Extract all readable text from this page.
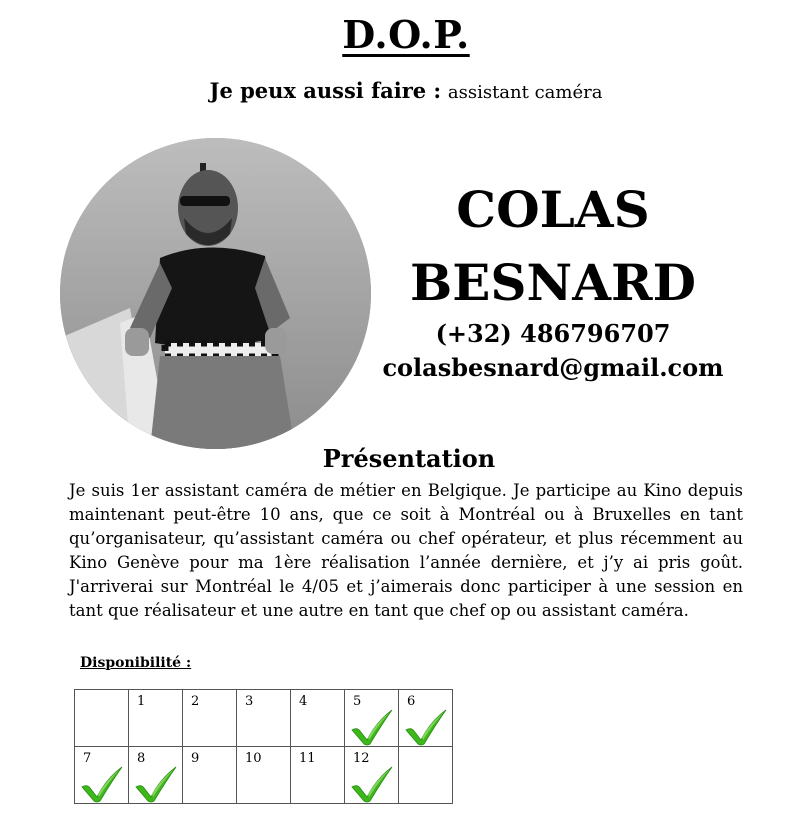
D.O.P.
Je peux aussi faire : assistant caméra
COLAS
BESNARD
(+32) 486796707
colasbesnard@gmail.com
Présentation
Je suis 1er assistant caméra de métier en Belgique. Je participe au Kino depuis maintenant peut-être 10 ans, que ce soit à Montréal ou à Bruxelles en tant qu’organisateur, qu’assistant caméra ou chef opérateur, et plus récemment au Kino Genève pour ma 1ère réalisation l’année dernière, et j’y ai pris goût. J'arriverai sur Montréal le 4/05 et j’aimerais donc participer à une session en tant que réalisateur et une autre en tant que chef op ou assistant caméra.
Disponibilité :

	1	2	3	4	5	6

7	8	9	10	11	12	
